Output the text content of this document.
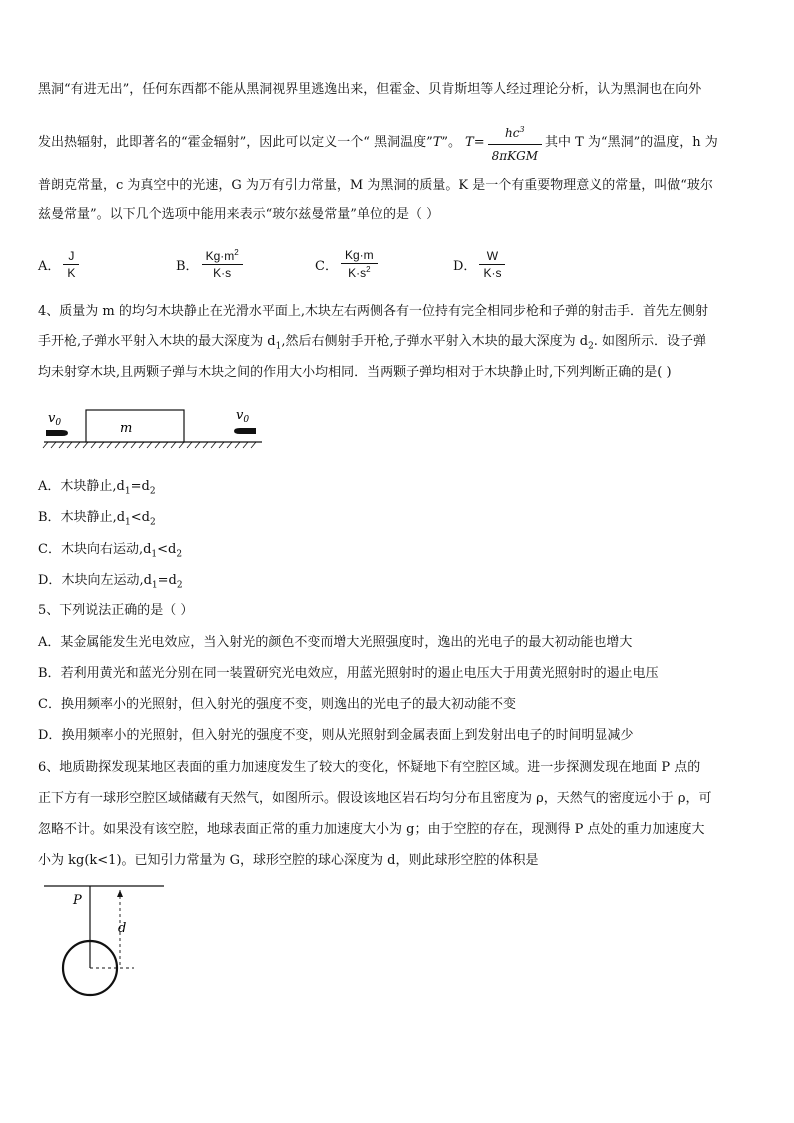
黑洞“有进无出”，任何东西都不能从黑洞视界里逃逸出来，但霍金、贝肯斯坦等人经过理论分析，认为黑洞也在向外
发出热辐射，此即著名的“霍金辐射”，因此可以定义一个“ 黑洞温度” T ”。 $T= \frac{hc^3}{\text{8πKGM}}$ 其中 T 为“黑洞”的温度，h 为
普朗克常量，c 为真空中的光速，G 为万有引力常量，M 为黑洞的质量。K 是一个有重要物理意义的常量，叫做“玻尔
兹曼常量”。以下几个选项中能用来表示“玻尔兹曼常量”单位的是（ ）
A． $\frac{J}{K}$	B． $\frac{Kg\cdot m^2}{K\cdot s}$	C． $\frac{Kg\cdot m}{K\cdot s^2}$	D． $\frac{W}{K\cdot s}$
4、质量为 m 的均匀木块静止在光滑水平面上,木块左右两侧各有一位持有完全相同步枪和子弹的射击手．首先左侧射
手开枪,子弹水平射入木块的最大深度为 $d_1$,然后右侧射手开枪,子弹水平射入木块的最大深度为 $d_2$. 如图所示．设子弹
均未射穿木块,且两颗子弹与木块之间的作用大小均相同．当两颗子弹均相对于木块静止时,下列判断正确的是( )
m
$v_0$	$v_0$
A．木块静止$,d_1=d_2$
B．木块静止$,d_1<d_2$
C．木块向右运动$,d_1<d_2$
D．木块向左运动$,d_1=d_2$
5、下列说法正确的是（ ）
A．某金属能发生光电效应，当入射光的颜色不变而增大光照强度时，逸出的光电子的最大初动能也增大
B．若利用黄光和蓝光分别在同一装置研究光电效应，用蓝光照射时的遏止电压大于用黄光照射时的遏止电压
C．换用频率小的光照射，但入射光的强度不变，则逸出的光电子的最大初动能不变
D．换用频率小的光照射，但入射光的强度不变，则从光照射到金属表面上到发射出电子的时间明显减少
6、地质勘探发现某地区表面的重力加速度发生了较大的变化，怀疑地下有空腔区域。进一步探测发现在地面 P 点的
正下方有一球形空腔区域储藏有天然气，如图所示。假设该地区岩石均匀分布且密度为 ρ，天然气的密度远小于 ρ，可
忽略不计。如果没有该空腔，地球表面正常的重力加速度大小为 g；由于空腔的存在，现测得 P 点处的重力加速度大
小为 kg(k<1)。已知引力常量为 G，球形空腔的球心深度为 d，则此球形空腔的体积是
P
d
